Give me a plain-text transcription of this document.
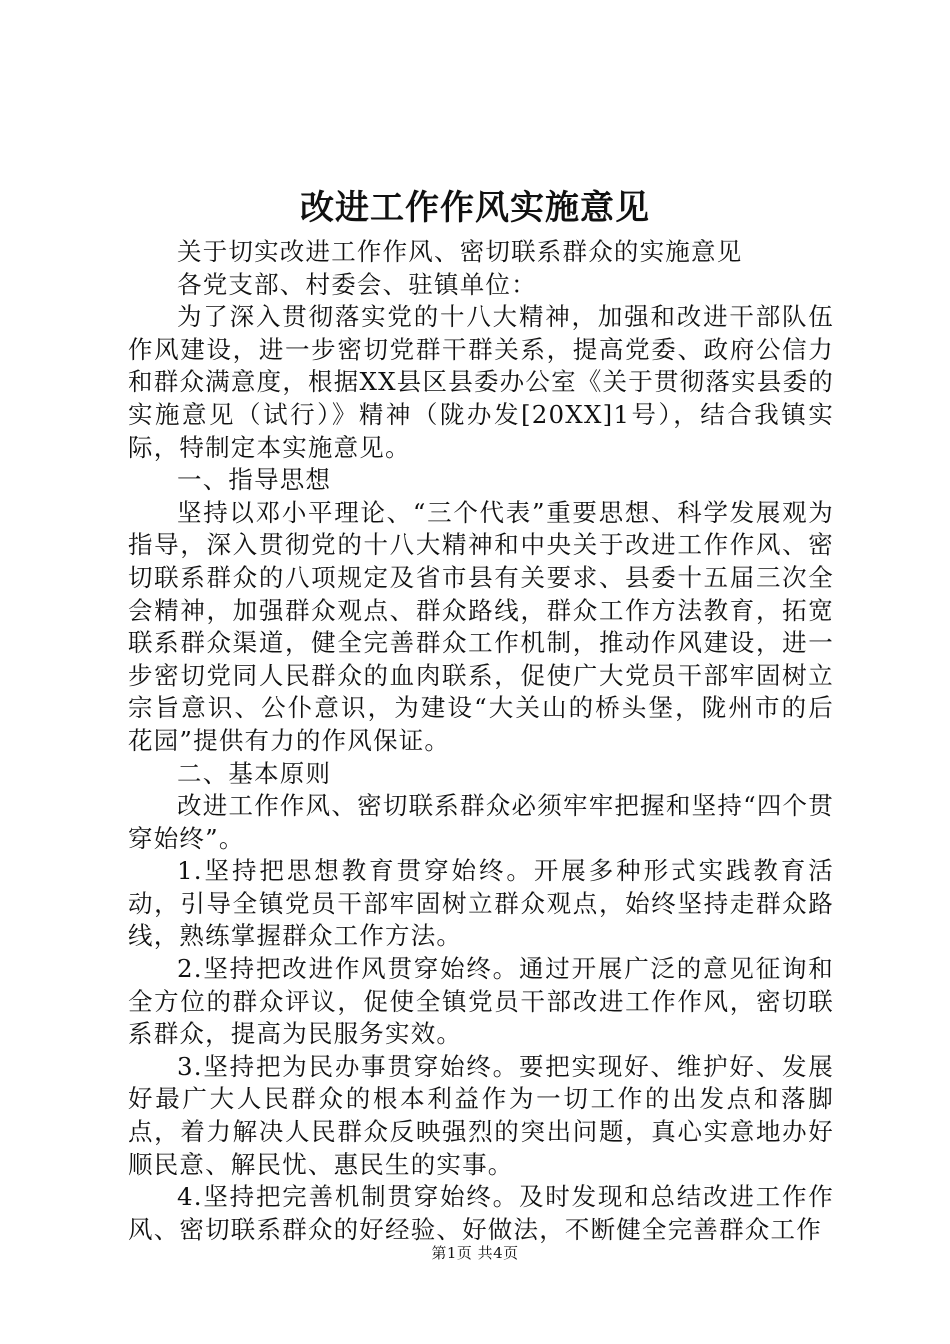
改进工作作风实施意见

关于切实改进工作作风、密切联系群众的实施意见

各党支部、村委会、驻镇单位：

为了深入贯彻落实党的十八大精神，加强和改进干部队伍作风建设，进一步密切党群干群关系，提高党委、政府公信力和群众满意度，根据XX县区县委办公室《关于贯彻落实县委的实施意见（试行）》精神（陇办发[20XX]1号），结合我镇实际，特制定本实施意见。

一、指导思想

坚持以邓小平理论、“三个代表”重要思想、科学发展观为指导，深入贯彻党的十八大精神和中央关于改进工作作风、密切联系群众的八项规定及省市县有关要求、县委十五届三次全会精神，加强群众观点、群众路线，群众工作方法教育，拓宽联系群众渠道，健全完善群众工作机制，推动作风建设，进一步密切党同人民群众的血肉联系，促使广大党员干部牢固树立宗旨意识、公仆意识，为建设“大关山的桥头堡，陇州市的后花园”提供有力的作风保证。

二、基本原则

改进工作作风、密切联系群众必须牢牢把握和坚持“四个贯穿始终”。

1.坚持把思想教育贯穿始终。开展多种形式实践教育活动，引导全镇党员干部牢固树立群众观点，始终坚持走群众路线，熟练掌握群众工作方法。

2.坚持把改进作风贯穿始终。通过开展广泛的意见征询和全方位的群众评议，促使全镇党员干部改进工作作风，密切联系群众，提高为民服务实效。

3.坚持把为民办事贯穿始终。要把实现好、维护好、发展好最广大人民群众的根本利益作为一切工作的出发点和落脚点，着力解决人民群众反映强烈的突出问题，真心实意地办好顺民意、解民忧、惠民生的实事。

4.坚持把完善机制贯穿始终。及时发现和总结改进工作作风、密切联系群众的好经验、好做法，不断健全完善群众工作

第1页 共4页
